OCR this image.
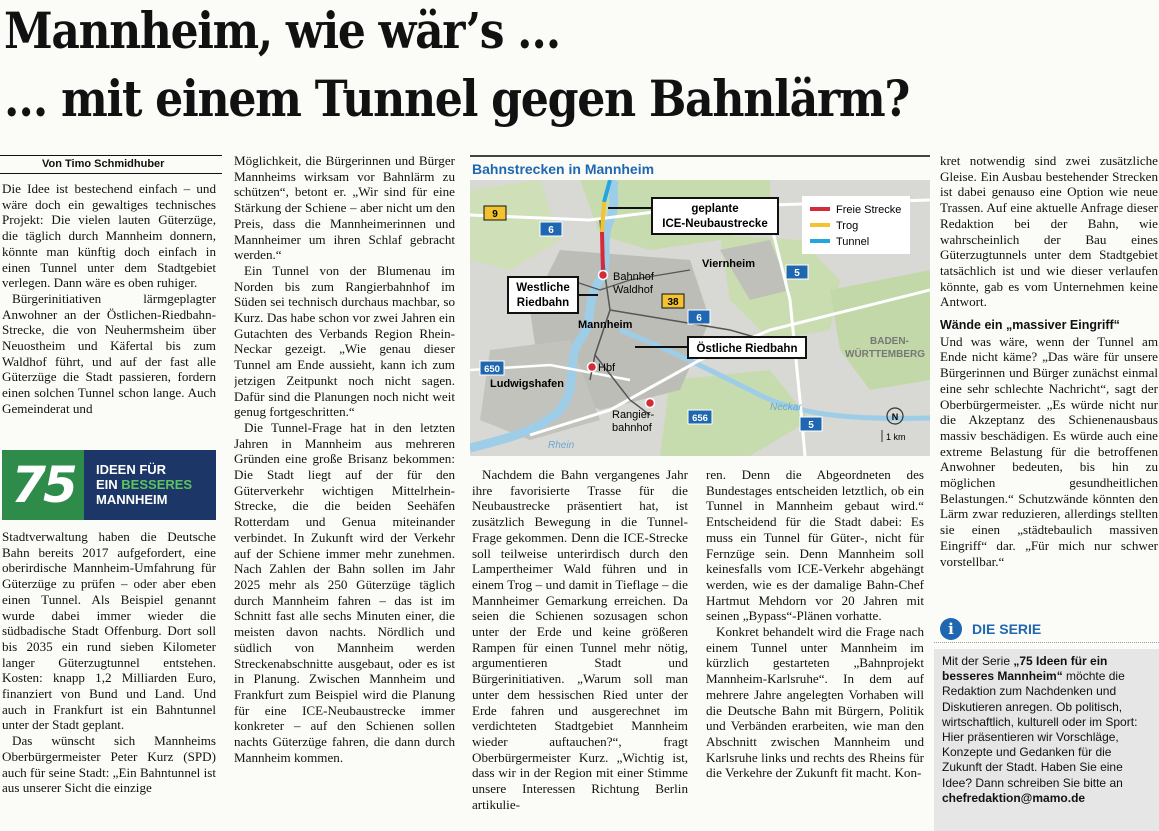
Mannheim, wie wär’s …
… mit einem Tunnel gegen Bahnlärm?
Von Timo Schmidhuber

Die Idee ist bestechend einfach – und wäre doch ein gewaltiges technisches Projekt: Die vielen lauten Güterzüge, die täglich durch Mannheim donnern, könnte man künftig doch einfach in einen Tunnel unter dem Stadtgebiet verlegen. Dann wäre es oben ruhiger.

Bürgerinitiativen lärmgeplagter Anwohner an der Östlichen-Riedbahn-Strecke, die von Neuhermsheim über Neuostheim und Käfertal bis zum Waldhof führt, und auf der fast alle Güterzüge die Stadt passieren, fordern einen solchen Tunnel schon lange. Auch Gemeinderat und

75	IDEEN FÜR
EIN BESSERES
MANNHEIM

Stadtverwaltung haben die Deutsche Bahn bereits 2017 aufgefordert, eine oberirdische Mannheim-Umfahrung für Güterzüge zu prüfen – oder aber eben einen Tunnel. Als Beispiel genannt wurde dabei immer wieder die südbadische Stadt Offenburg. Dort soll bis 2035 ein rund sieben Kilometer langer Güterzugtunnel entstehen. Kosten: knapp 1,2 Milliarden Euro, finanziert von Bund und Land. Und auch in Frankfurt ist ein Bahntunnel unter der Stadt geplant.

Das wünscht sich Mannheims Oberbürgermeister Peter Kurz (SPD) auch für seine Stadt: „Ein Bahntunnel ist aus unserer Sicht die einzige

Möglichkeit, die Bürgerinnen und Bürger Mannheims wirksam vor Bahnlärm zu schützen“, betont er. „Wir sind für eine Stärkung der Schiene – aber nicht um den Preis, dass die Mannheimerinnen und Mannheimer um ihren Schlaf gebracht werden.“

Ein Tunnel von der Blumenau im Norden bis zum Rangierbahnhof im Süden sei technisch durchaus machbar, so Kurz. Das habe schon vor zwei Jahren ein Gutachten des Verbands Region Rhein-Neckar gezeigt. „Wie genau dieser Tunnel am Ende aussieht, kann ich zum jetzigen Zeitpunkt noch nicht sagen. Dafür sind die Planungen noch nicht weit genug fortgeschritten.“

Die Tunnel-Frage hat in den letzten Jahren in Mannheim aus mehreren Gründen eine große Brisanz bekommen: Die Stadt liegt auf der für den Güterverkehr wichtigen Mittelrhein-Strecke, die die beiden Seehäfen Rotterdam und Genua miteinander verbindet. In Zukunft wird der Verkehr auf der Schiene immer mehr zunehmen. Nach Zahlen der Bahn sollen im Jahr 2025 mehr als 250 Güterzüge täglich durch Mannheim fahren – das ist im Schnitt fast alle sechs Minuten einer, die meisten davon nachts. Nördlich und südlich von Mannheim werden Streckenabschnitte ausgebaut, oder es ist in Planung. Zwischen Mannheim und Frankfurt zum Beispiel wird die Planung für eine ICE-Neubaustrecke immer konkreter – auf den Schienen sollen nachts Güterzüge fahren, die dann durch Mannheim kommen.

Bahnstrecken in Mannheim
geplante
ICE-Neubaustrecke
Westliche
Riedbahn
Östliche Riedbahn
Freie Strecke
Trog
Tunnel
Bahnhof
Waldhof
Mannheim
Hbf
Ludwigshafen
Rangier-
bahnhof
Viernheim
BADEN-
WÜRTTEMBERG
Rhein
Neckar
9
6
38
6
5
650
656
5
N
1 km

Nachdem die Bahn vergangenes Jahr ihre favorisierte Trasse für die Neubaustrecke präsentiert hat, ist zusätzlich Bewegung in die Tunnel-Frage gekommen. Denn die ICE-Strecke soll teilweise unterirdisch durch den Lampertheimer Wald führen und in einem Trog – und damit in Tieflage – die Mannheimer Gemarkung erreichen. Da seien die Schienen sozusagen schon unter der Erde und keine größeren Rampen für einen Tunnel mehr nötig, argumentieren Stadt und Bürgerinitiativen. „Warum soll man unter dem hessischen Ried unter der Erde fahren und ausgerechnet im verdichteten Stadtgebiet Mannheim wieder auftauchen?“, fragt Oberbürgermeister Kurz. „Wichtig ist, dass wir in der Region mit einer Stimme unsere Interessen Richtung Berlin artikulie-

ren. Denn die Abgeordneten des Bundestages entscheiden letztlich, ob ein Tunnel in Mannheim gebaut wird.“ Entscheidend für die Stadt dabei: Es muss ein Tunnel für Güter-, nicht für Fernzüge sein. Denn Mannheim soll keinesfalls vom ICE-Verkehr abgehängt werden, wie es der damalige Bahn-Chef Hartmut Mehdorn vor 20 Jahren mit seinen „Bypass“-Plänen vorhatte.

Konkret behandelt wird die Frage nach einem Tunnel unter Mannheim im kürzlich gestarteten „Bahnprojekt Mannheim-Karlsruhe“. In dem auf mehrere Jahre angelegten Vorhaben will die Deutsche Bahn mit Bürgern, Politik und Verbänden erarbeiten, wie man den Abschnitt zwischen Mannheim und Karlsruhe links und rechts des Rheins für die Verkehre der Zukunft fit macht. Kon-

kret notwendig sind zwei zusätzliche Gleise. Ein Ausbau bestehender Strecken ist dabei genauso eine Option wie neue Trassen. Auf eine aktuelle Anfrage dieser Redaktion bei der Bahn, wie wahrscheinlich der Bau eines Güterzugtunnels unter dem Stadtgebiet tatsächlich ist und wie dieser verlaufen könnte, gab es vom Unternehmen keine Antwort.

Wände ein „massiver Eingriff“

Und was wäre, wenn der Tunnel am Ende nicht käme? „Das wäre für unsere Bürgerinnen und Bürger zunächst einmal eine sehr schlechte Nachricht“, sagt der Oberbürgermeister. „Es würde nicht nur die Akzeptanz des Schienenausbaus massiv beschädigen. Es würde auch eine extreme Belastung für die betroffenen Anwohner bedeuten, bis hin zu möglichen gesundheitlichen Belastungen.“ Schutzwände könnten den Lärm zwar reduzieren, allerdings stellten sie einen „städtebaulich massiven Eingriff“ dar. „Für mich nur schwer vorstellbar.“

i	DIE SERIE
Mit der Serie „75 Ideen für ein besseres Mannheim“ möchte die Redaktion zum Nachdenken und Diskutieren anregen. Ob politisch, wirtschaftlich, kulturell oder im Sport: Hier präsentieren wir Vorschläge, Konzepte und Gedanken für die Zukunft der Stadt. Haben Sie eine Idee? Dann schreiben Sie bitte an chefredaktion@mamo.de
